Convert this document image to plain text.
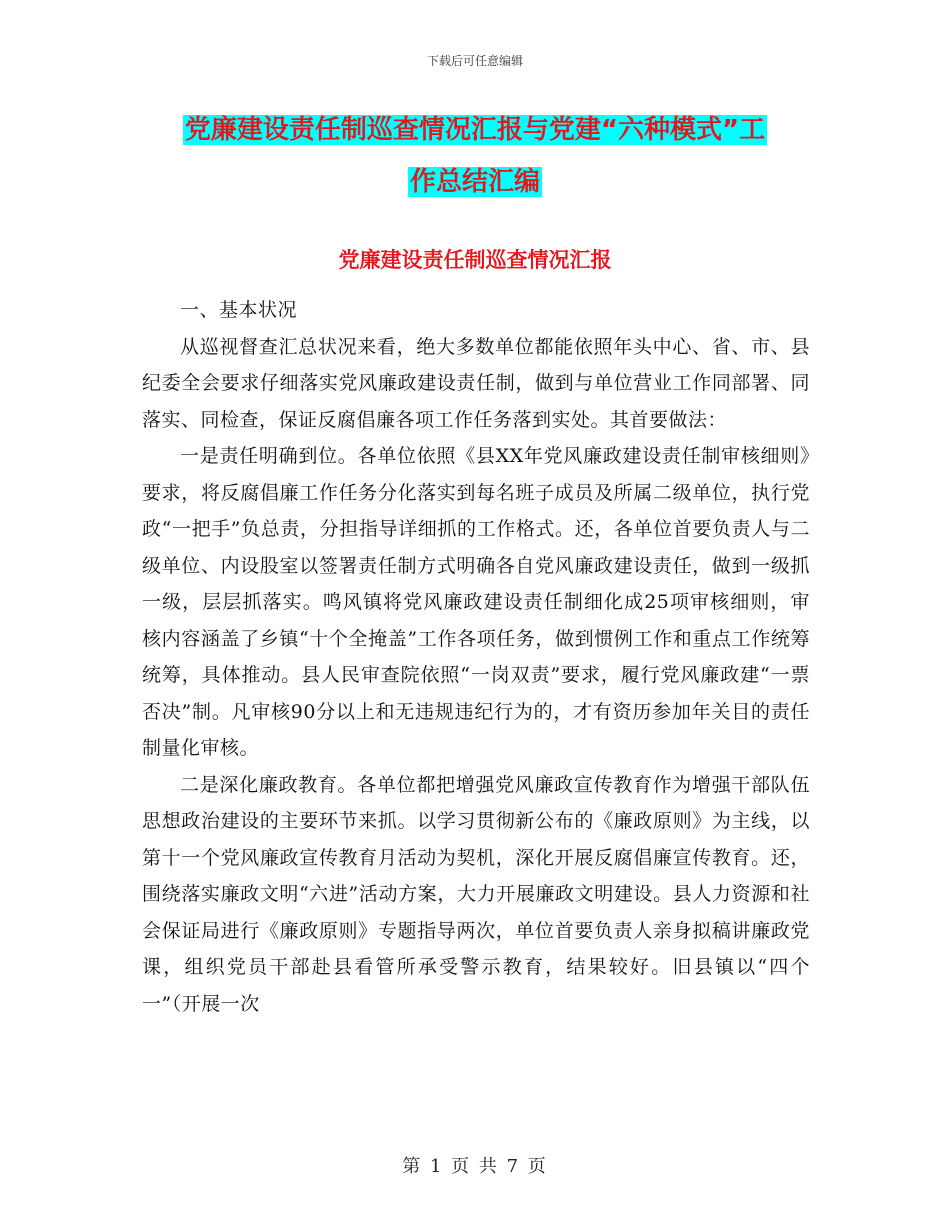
下载后可任意编辑
党廉建设责任制巡查情况汇报与党建“六种模式”工
作总结汇编
党廉建设责任制巡查情况汇报

一、基本状况

从巡视督查汇总状况来看，绝大多数单位都能依照年头中心、省、市、县纪委全会要求仔细落实党风廉政建设责任制，做到与单位营业工作同部署、同落实、同检查，保证反腐倡廉各项工作任务落到实处。其首要做法：

一是责任明确到位。各单位依照《县XX年党风廉政建设责任制审核细则》要求，将反腐倡廉工作任务分化落实到每名班子成员及所属二级单位，执行党政“一把手”负总责，分担指导详细抓的工作格式。还，各单位首要负责人与二级单位、内设股室以签署责任制方式明确各自党风廉政建设责任，做到一级抓一级，层层抓落实。鸣风镇将党风廉政建设责任制细化成25项审核细则，审核内容涵盖了乡镇“十个全掩盖”工作各项任务，做到惯例工作和重点工作统筹统筹，具体推动。县人民审查院依照“一岗双责”要求，履行党风廉政建“一票否决”制。凡审核90分以上和无违规违纪行为的，才有资历参加年关目的责任制量化审核。

二是深化廉政教育。各单位都把增强党风廉政宣传教育作为增强干部队伍思想政治建设的主要环节来抓。以学习贯彻新公布的《廉政原则》为主线，以第十一个党风廉政宣传教育月活动为契机，深化开展反腐倡廉宣传教育。还，围绕落实廉政文明“六进”活动方案，大力开展廉政文明建设。县人力资源和社会保证局进行《廉政原则》专题指导两次，单位首要负责人亲身拟稿讲廉政党课，组织党员干部赴县看管所承受警示教育，结果较好。旧县镇以“四个一”（开展一次

第 1 页 共 7 页
